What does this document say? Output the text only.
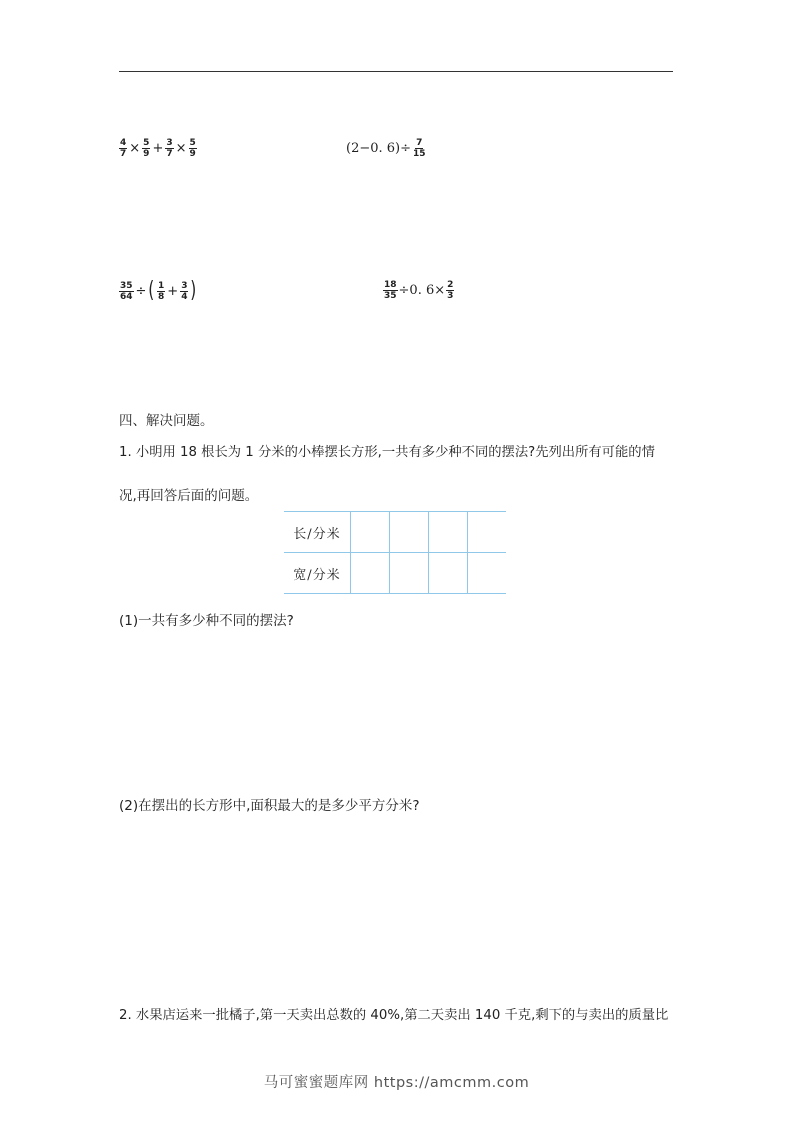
$\frac{4}{7} \times \frac{5}{9} + \frac{3}{7} \times \frac{5}{9}$	(2−0. $6)\div \frac{7}{15}$
$\frac{35}{64}$ ÷ ( $\frac{1}{8} + \frac{3}{4}$ )	$\frac{18}{35} \div 0$. $6\times \frac{2}{3}$
四、解决问题。
1. 小明用 18 根长为 1 分米的小棒摆长方形,一共有多少种不同的摆法?先列出所有可能的情
况,再回答后面的问题。
长/分米				
宽/分米				
(1)一共有多少种不同的摆法?
(2)在摆出的长方形中,面积最大的是多少平方分米?
2. 水果店运来一批橘子,第一天卖出总数的 40%,第二天卖出 140 千克,剩下的与卖出的质量比
马可蜜蜜题库网 https://amcmm.com
